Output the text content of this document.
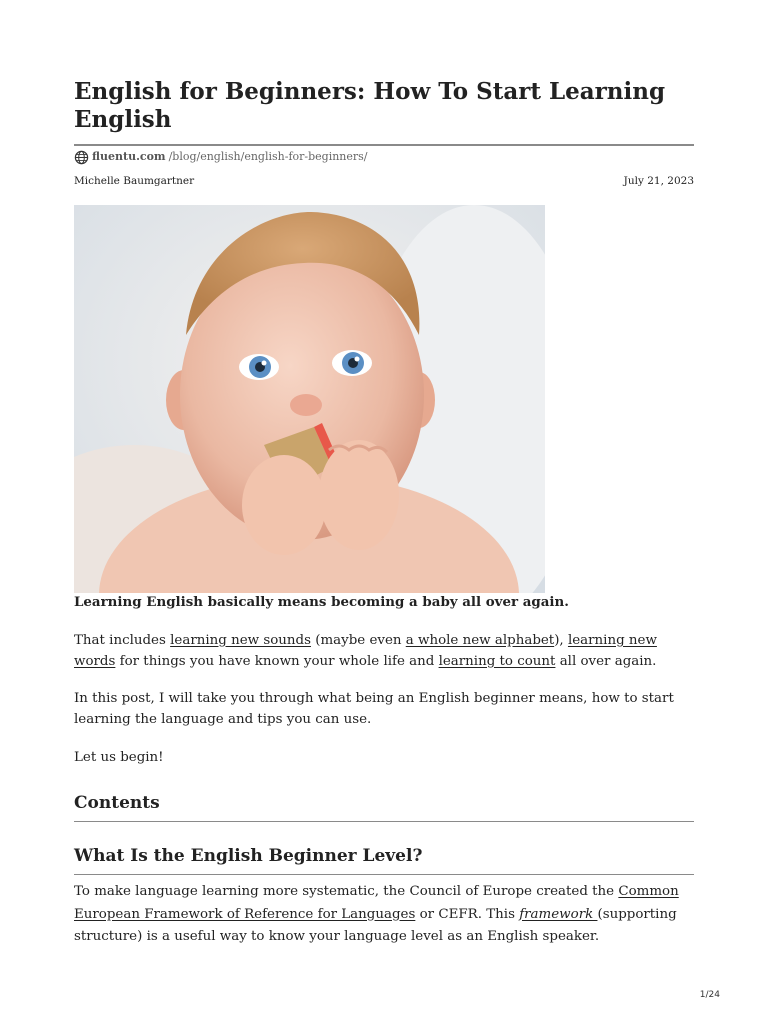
English for Beginners: How To Start Learning English
fluentu.com /blog/english/english-for-beginners/
Michelle Baumgartner	July 21, 2023

Learning English basically means becoming a baby all over again.

That includes learning new sounds (maybe even a whole new alphabet), learning new words for things you have known your whole life and learning to count all over again.

In this post, I will take you through what being an English beginner means, how to start learning the language and tips you can use.

Let us begin!

Contents
What Is the English Beginner Level?

To make language learning more systematic, the Council of Europe created the Common European Framework of Reference for Languages or CEFR. This framework (supporting structure) is a useful way to know your language level as an English speaker.

1/24
